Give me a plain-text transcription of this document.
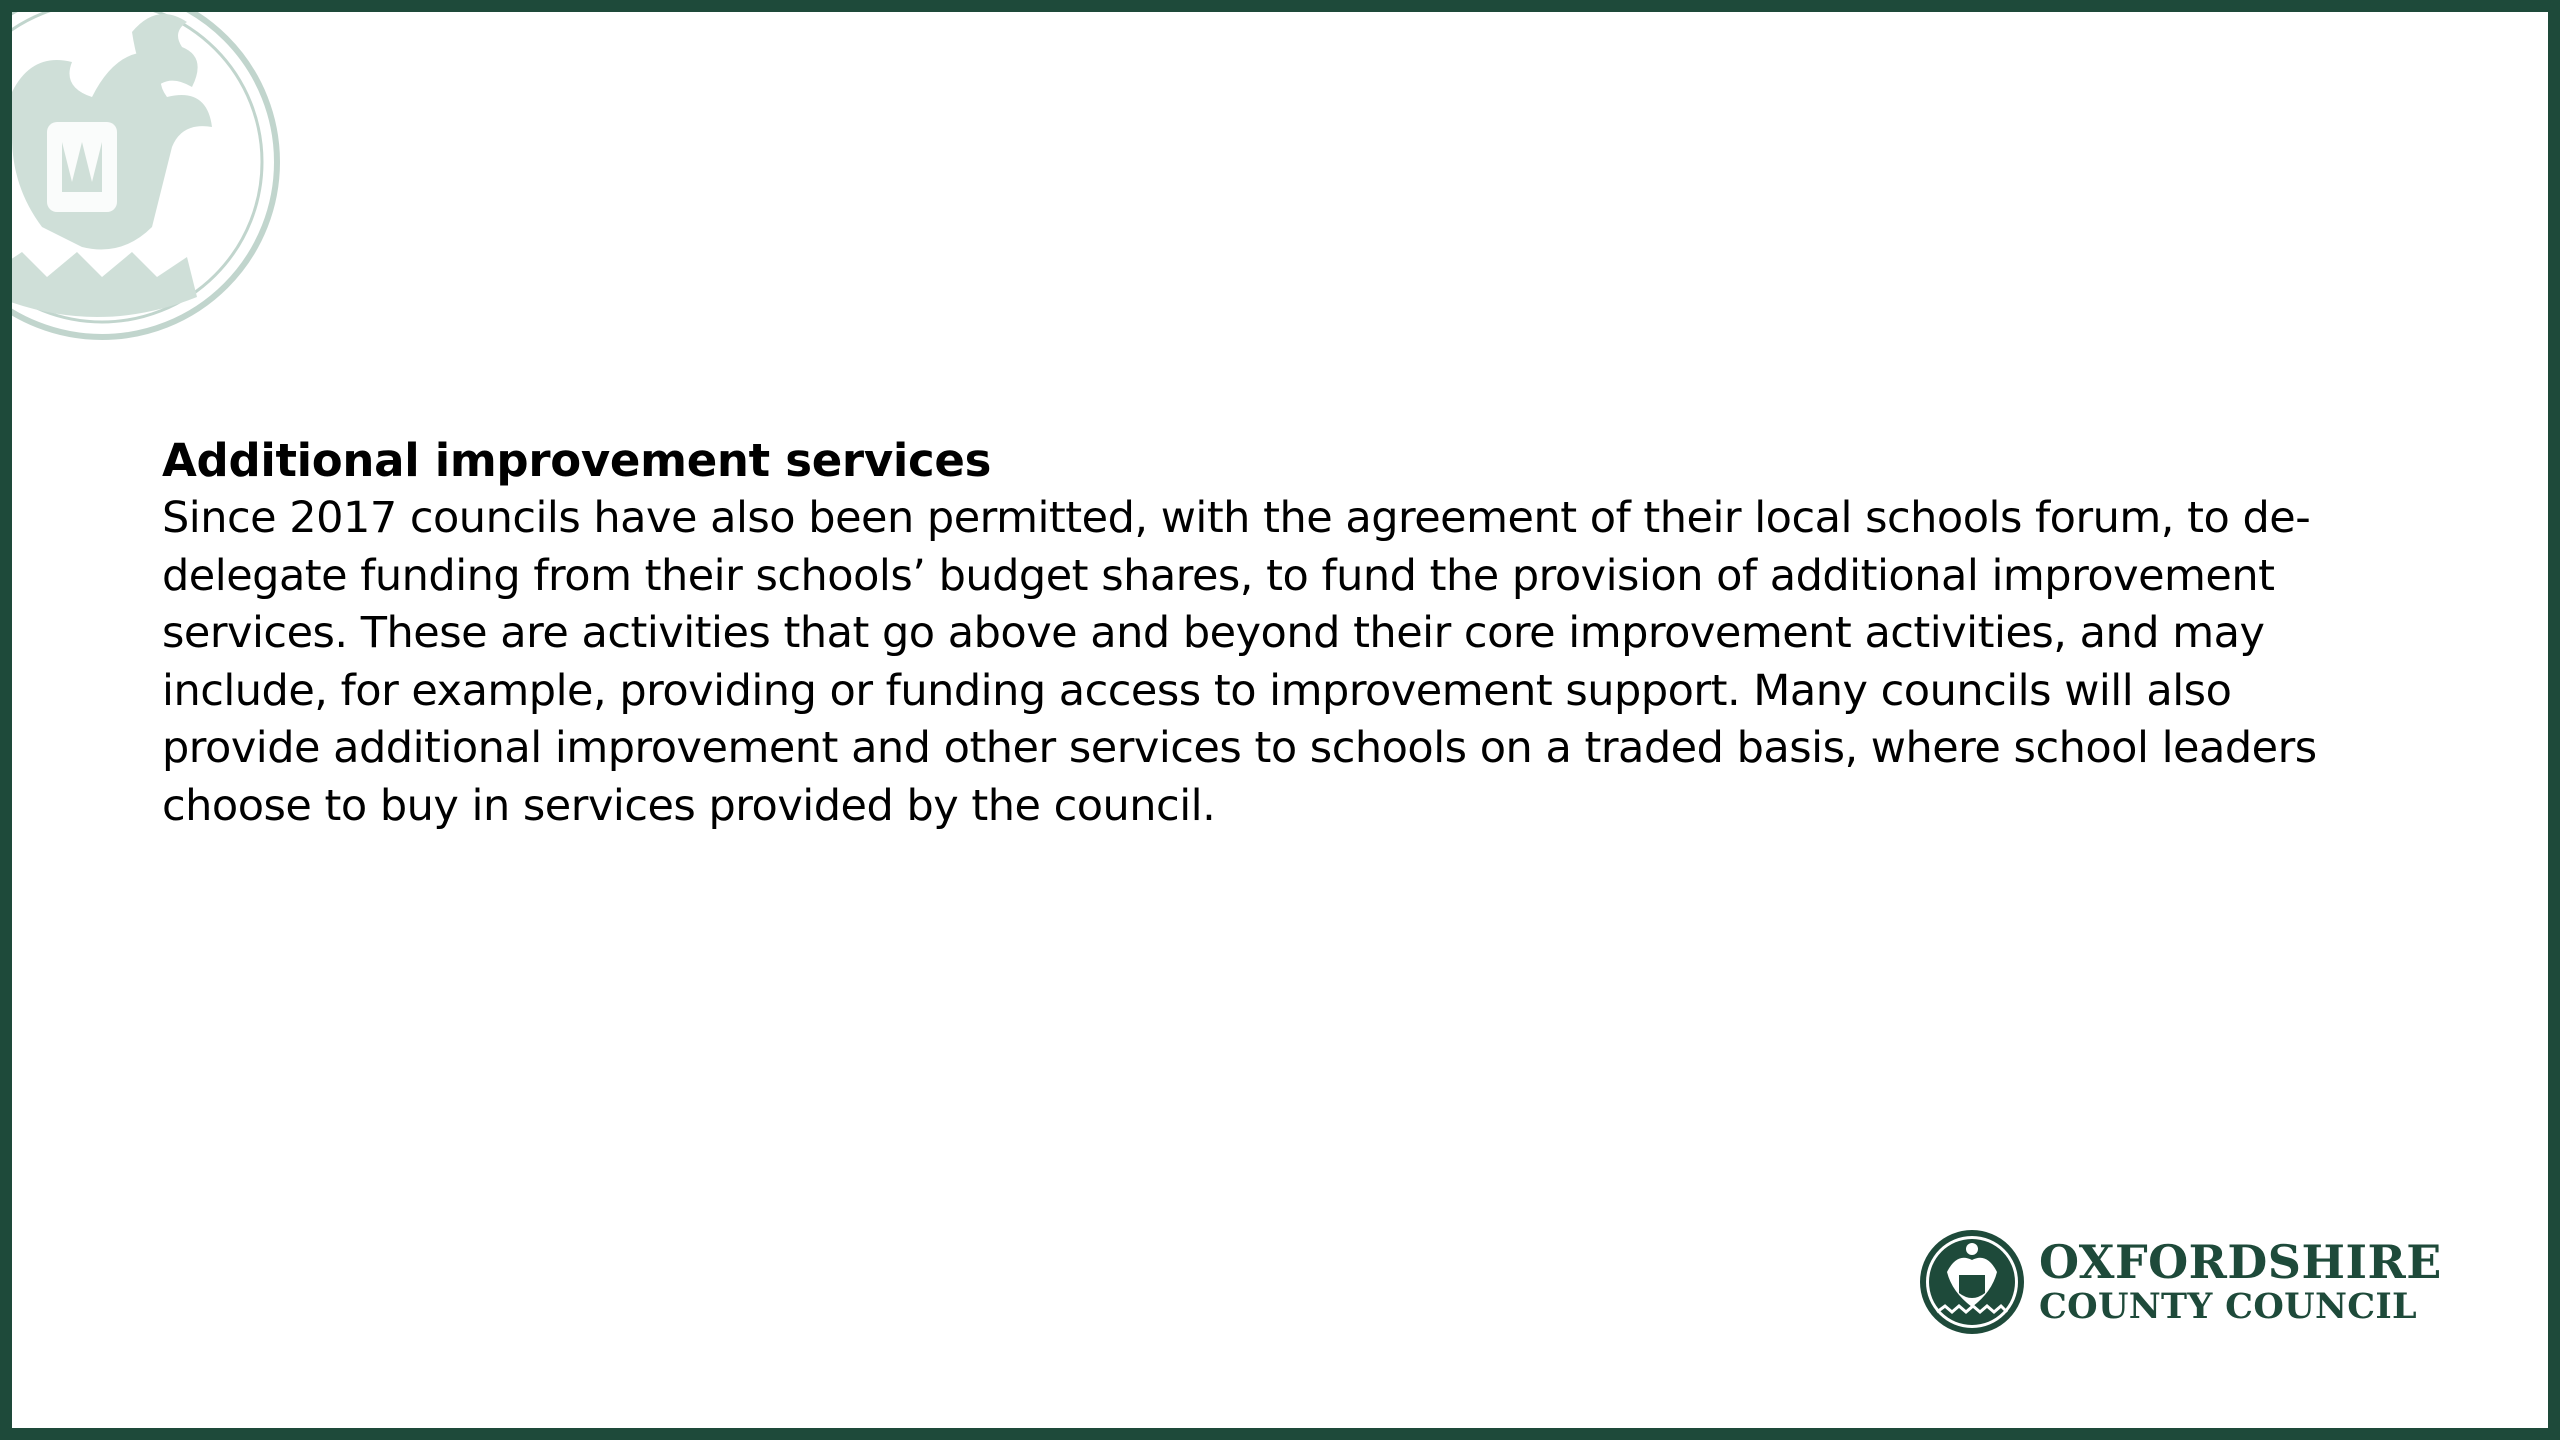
Additional improvement services

Since 2017 councils have also been permitted, with the agreement of their local schools forum, to de-delegate funding from their schools’ budget shares, to fund the provision of additional improvement services. These are activities that go above and beyond their core improvement activities, and may include, for example, providing or funding access to improvement support. Many councils will also provide additional improvement and other services to schools on a traded basis, where school leaders choose to buy in services provided by the council.

OXFORDSHIRE
COUNTY COUNCIL
